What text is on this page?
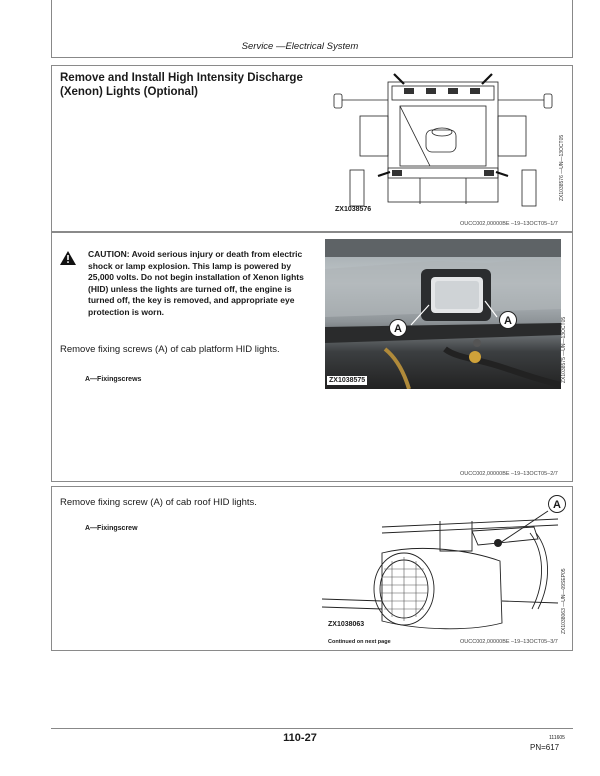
Service —Electrical System
Remove and Install High Intensity Discharge (Xenon) Lights (Optional)
ZX1038576
ZX1038576 —UN—13OCT05
OUCC002,00000BE –19–13OCT05–1/7
CAUTION: Avoid serious injury or death from electric shock or lamp explosion. This lamp is powered by 25,000 volts. Do not begin installation of Xenon lights (HID) unless the lights are turned off, the engine is turned off, the key is removed, and appropriate eye protection is worn.
Remove fixing screws (A) of cab platform HID lights.
A—Fixingscrews
A
A
ZX1038575	ZX1038575 —UN—13OCT05
OUCC002,00000BE –19–13OCT05–2/7
Remove fixing screw (A) of cab roof HID lights.
A—Fixingscrew
A
ZX1038063	ZX1038063 —UN—09SEP05
Continued on next page	OUCC002,00000BE –19–13OCT05–3/7
110-27	111605
PN=617
